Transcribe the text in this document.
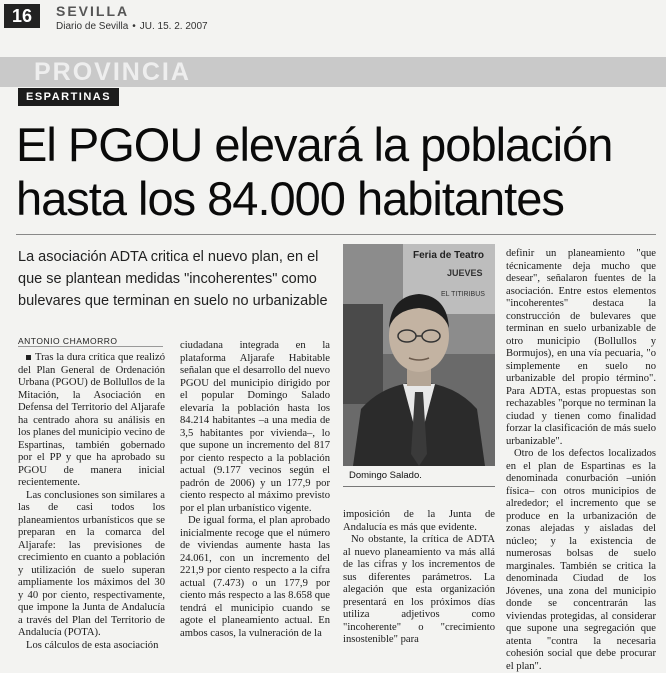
16	SEVILLA
Diario de Sevilla • JU. 15. 2. 2007
PROVINCIA
ESPARTINAS
El PGOU elevará la población hasta los 84.000 habitantes
La asociación ADTA critica el nuevo plan, en el que se plantean medidas "incoherentes" como bulevares que terminan en suelo no urbanizable
ANTONIO CHAMORRO

Tras la dura crítica que realizó del Plan General de Ordenación Urbana (PGOU) de Bollullos de la Mitación, la Asociación en Defensa del Territorio del Aljarafe ha centrado ahora su análisis en los planes del municipio vecino de Espartinas, también gobernado por el PP y que ha aprobado su PGOU de manera inicial recientemente.

Las conclusiones son similares a las de casi todos los planeamientos urbanísticos que se preparan en la comarca del Aljarafe: las previsiones de crecimiento en cuanto a población y utilización de suelo superan ampliamente los máximos del 30 y 40 por ciento, respectivamente, que impone la Junta de Andalucía a través del Plan del Territorio de Andalucía (POTA).

Los cálculos de esta asociación

ciudadana integrada en la plataforma Aljarafe Habitable señalan que el desarrollo del nuevo PGOU del municipio dirigido por el popular Domingo Salado elevaría la población hasta los 84.214 habitantes –a una media de 3,5 habitantes por vivienda–, lo que supone un incremento del 817 por ciento respecto a la población actual (9.177 vecinos según el padrón de 2006) y un 177,9 por ciento respecto al máximo previsto por el plan urbanístico vigente.

De igual forma, el plan aprobado inicialmente recoge que el número de viviendas aumente hasta las 24.061, con un incremento del 221,9 por ciento respecto a la cifra actual (7.473) o un 177,9 por ciento más respecto a las 8.658 que tendrá el municipio cuando se agote el planeamiento actual. En ambos casos, la vulneración de la

Feria de Teatro
JUEVES
EL TITIRIBUS
Domingo Salado.

imposición de la Junta de Andalucía es más que evidente.

No obstante, la crítica de ADTA al nuevo planeamiento va más allá de las cifras y los incrementos de sus diferentes parámetros. La alegación que esta organización presentará en los próximos días utiliza adjetivos como "incoherente" o "crecimiento insostenible" para

definir un planeamiento "que técnicamente deja mucho que desear", señalaron fuentes de la asociación. Entre estos elementos "incoherentes" destaca la construcción de bulevares que terminan en suelo urbanizable de otro municipio (Bollullos y Bormujos), en una vía pecuaria, "o simplemente en suelo no urbanizable del propio término". Para ADTA, estas propuestas son rechazables "porque no terminan la ciudad y tienen como finalidad forzar la clasificación de más suelo urbanizable".

Otro de los defectos localizados en el plan de Espartinas es la denominada conurbación –unión física– con otros municipios de alrededor; el incremento que se produce en la urbanización de zonas alejadas y aisladas del núcleo; y la existencia de numerosas bolsas de suelo marginales. También se critica la denominada Ciudad de los Jóvenes, una zona del municipio donde se concentrarán las viviendas protegidas, al considerar que supone una segregación que atenta "contra la necesaria cohesión social que debe procurar el plan".
